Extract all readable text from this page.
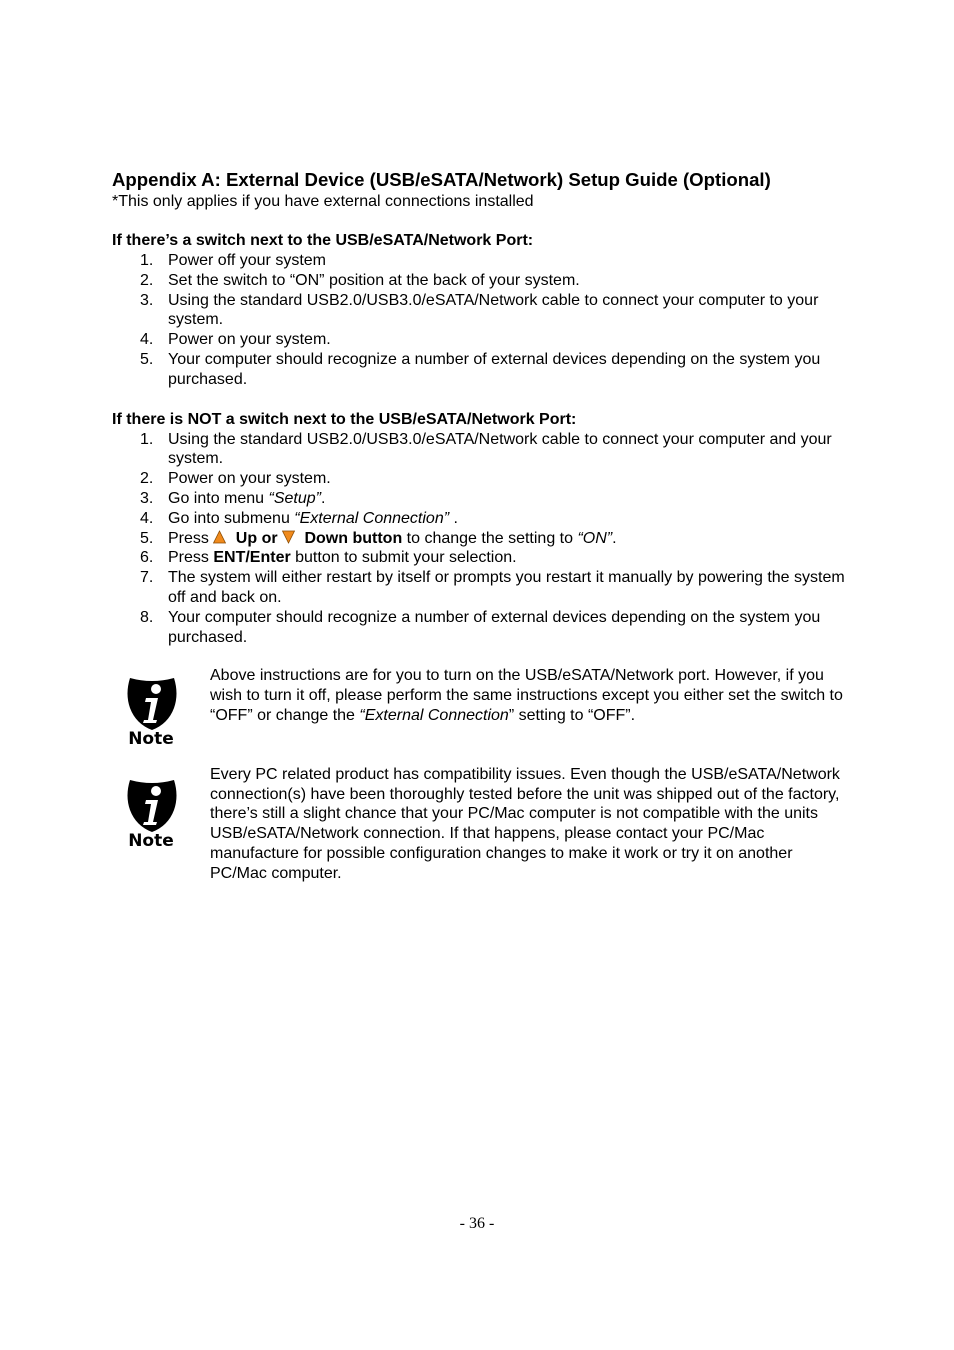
Appendix A: External Device (USB/eSATA/Network) Setup Guide (Optional)

*This only applies if you have external connections installed

If there’s a switch next to the USB/eSATA/Network Port:
1. Power off your system
2. Set the switch to “ON” position at the back of your system.
3. Using the standard USB2.0/USB3.0/eSATA/Network cable to connect your computer to your system.
4. Power on your system.
5. Your computer should recognize a number of external devices depending on the system you purchased.
If there is NOT a switch next to the USB/eSATA/Network Port:
1. Using the standard USB2.0/USB3.0/eSATA/Network cable to connect your computer and your system.
2. Power on your system.
3. Go into menu “Setup”.
4. Go into submenu “External Connection” .
5. Press  Up or  Down button to change the setting to “ON”.
6. Press ENT/Enter button to submit your selection.
7. The system will either restart by itself or prompts you restart it manually by powering the system off and back on.
8. Your computer should recognize a number of external devices depending on the system you purchased.
Note
Above instructions are for you to turn on the USB/eSATA/Network port. However, if you wish to turn it off, please perform the same instructions except you either set the switch to “OFF” or change the “External Connection” setting to “OFF”.
Note
Every PC related product has compatibility issues. Even though the USB/eSATA/Network connection(s) have been thoroughly tested before the unit was shipped out of the factory, there’s still a slight chance that your PC/Mac computer is not compatible with the units USB/eSATA/Network connection. If that happens, please contact your PC/Mac manufacture for possible configuration changes to make it work or try it on another PC/Mac computer.
- 36 -
